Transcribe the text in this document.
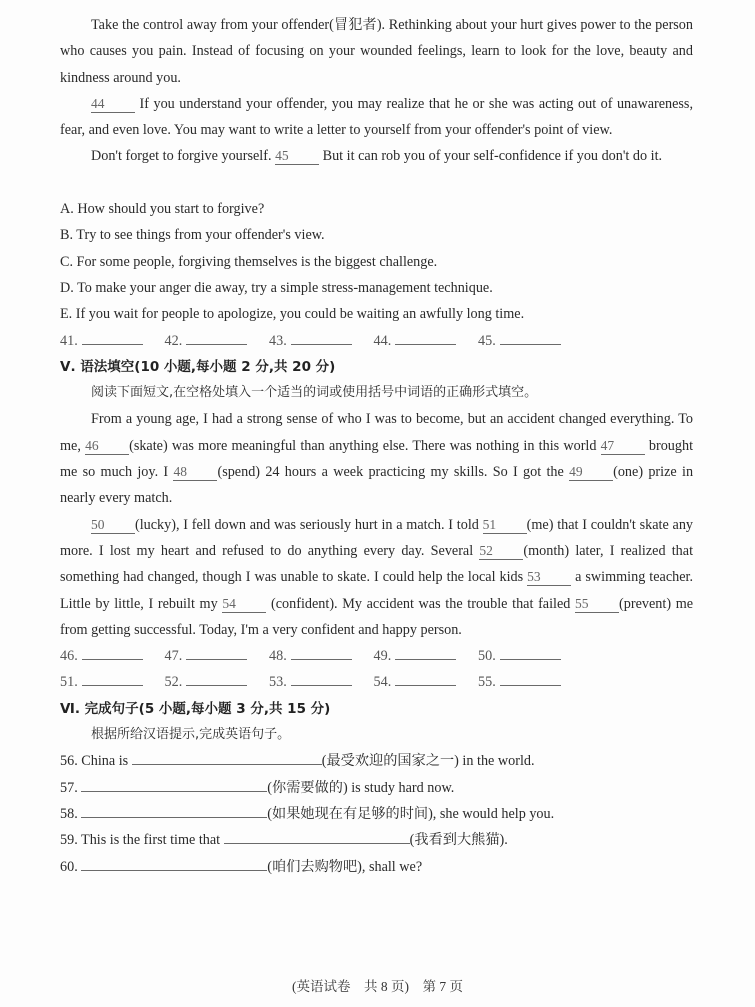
Take the control away from your offender(冒犯者). Rethinking about your hurt gives power to the person who causes you pain. Instead of focusing on your wounded feelings, learn to look for the love, beauty and kindness around you.

44 If you understand your offender, you may realize that he or she was acting out of unawareness, fear, and even love. You may want to write a letter to yourself from your offender's point of view.

Don't forget to forgive yourself. 45 But it can rob you of your self-confidence if you don't do it.

A. How should you start to forgive?

B. Try to see things from your offender's view.

C. For some people, forgiving themselves is the biggest challenge.

D. To make your anger die away, try a simple stress-management technique.

E. If you wait for people to apologize, you could be waiting an awfully long time.

41.	42.	43.	44.	45.

Ⅴ. 语法填空(10 小题,每小题 2 分,共 20 分)

阅读下面短文,在空格处填入一个适当的词或使用括号中词语的正确形式填空。

From a young age, I had a strong sense of who I was to become, but an accident changed everything. To me, 46 (skate) was more meaningful than anything else. There was nothing in this world 47 brought me so much joy. I 48 (spend) 24 hours a week practicing my skills. So I got the 49 (one) prize in nearly every match.

50 (lucky), I fell down and was seriously hurt in a match. I told 51 (me) that I couldn't skate any more. I lost my heart and refused to do anything every day. Several 52 (month) later, I realized that something had changed, though I was unable to skate. I could help the local kids 53 a swimming teacher. Little by little, I rebuilt my 54 (confident). My accident was the trouble that failed 55 (prevent) me from getting successful. Today, I'm a very confident and happy person.

46.	47.	48.	49.	50.
51.	52.	53.	54.	55.

Ⅵ. 完成句子(5 小题,每小题 3 分,共 15 分)

根据所给汉语提示,完成英语句子。

56. China is	(最受欢迎的国家之一) in the world.

57.	(你需要做的) is study hard now.

58.	(如果她现在有足够的时间), she would help you.

59. This is the first time that	(我看到大熊猫).

60.	(咱们去购物吧), shall we?

(英语试卷　共 8 页)　第 7 页
